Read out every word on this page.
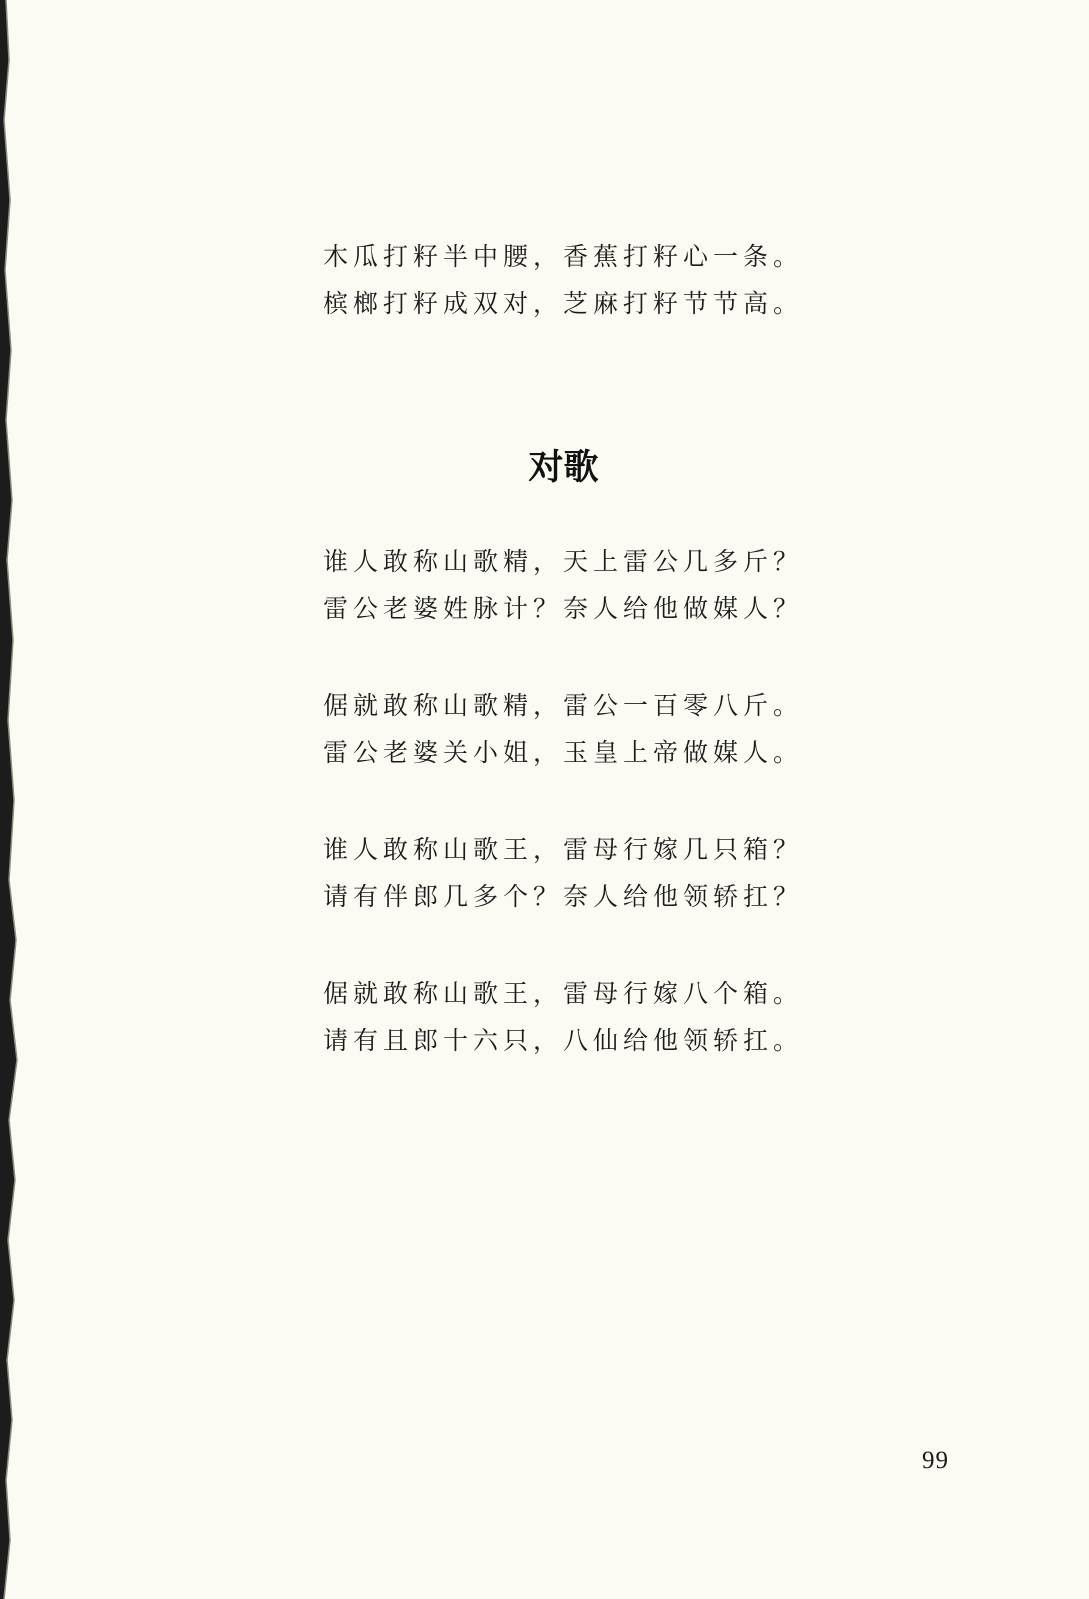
木瓜打籽半中腰，香蕉打籽心一条。
槟榔打籽成双对，芝麻打籽节节高。
对歌
谁人敢称山歌精，天上雷公几多斤？
雷公老婆姓脉计？奈人给他做媒人？
倨就敢称山歌精，雷公一百零八斤。
雷公老婆关小姐，玉皇上帝做媒人。
谁人敢称山歌王，雷母行嫁几只箱？
请有伴郎几多个？奈人给他领轿扛？
倨就敢称山歌王，雷母行嫁八个箱。
请有且郎十六只，八仙给他领轿扛。
99
